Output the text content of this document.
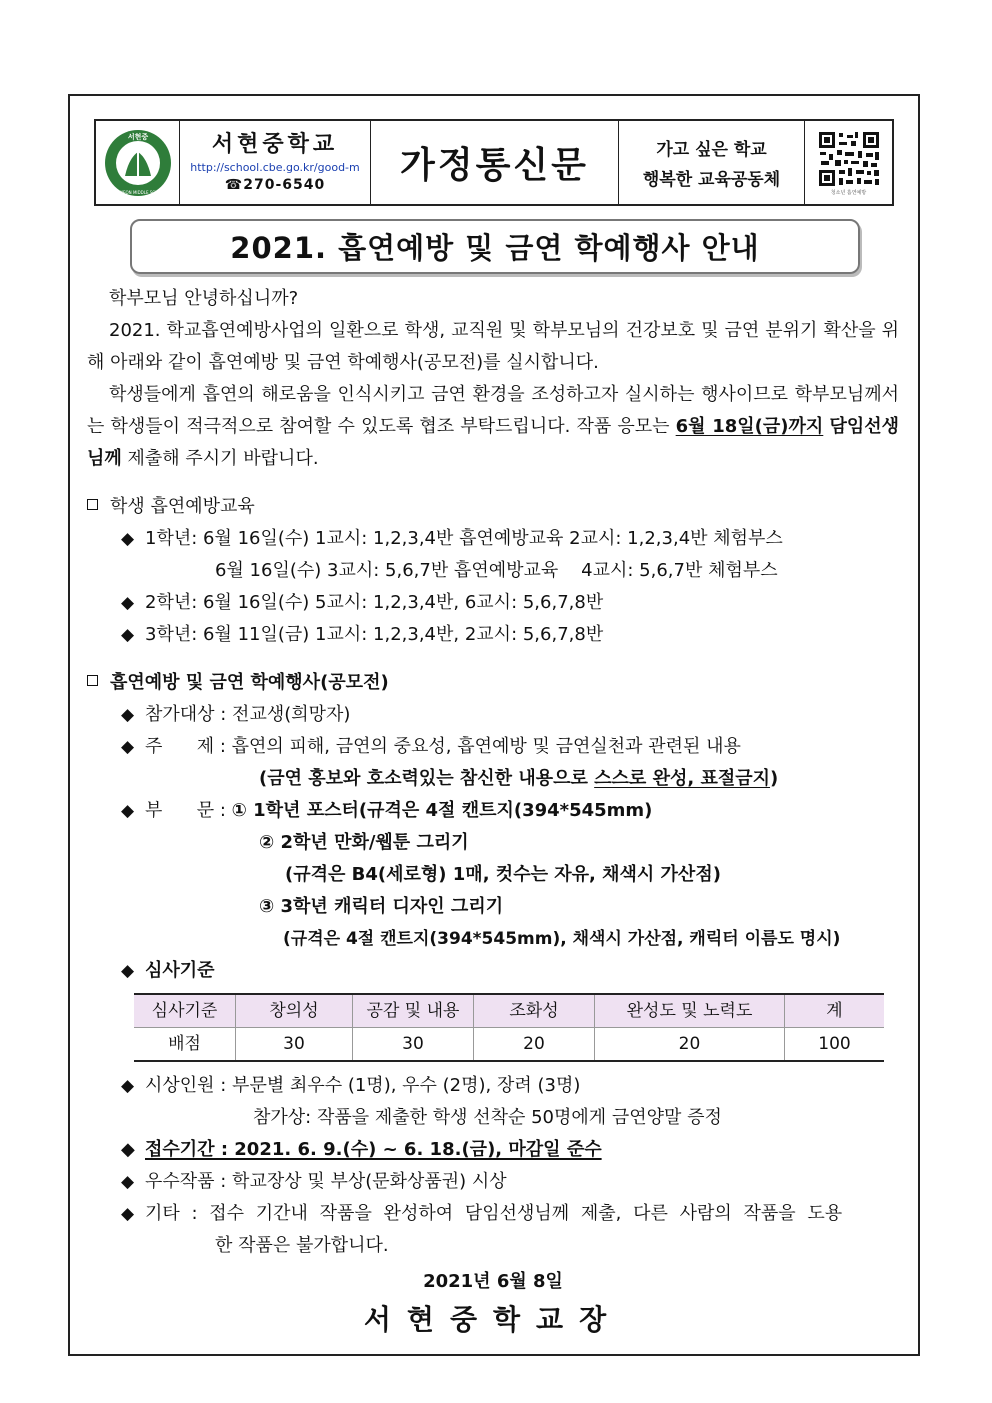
서현중
SEOHYEON MIDDLE SCHOOL
서현중학교
http://school.cbe.go.kr/good-m
☎270-6540	가정통신문	가고 싶은 학교
행복한 교육공동체
청소년 흡연예방
2021. 흡연예방 및 금연 학예행사 안내

학부모님 안녕하십니까?

2021. 학교흡연예방사업의 일환으로 학생, 교직원 및 학부모님의 건강보호 및 금연 분위기 확산을 위해 아래와 같이 흡연예방 및 금연 학예행사(공모전)를 실시합니다.

학생들에게 흡연의 해로움을 인식시키고 금연 환경을 조성하고자 실시하는 행사이므로 학부모님께서는 학생들이 적극적으로 참여할 수 있도록 협조 부탁드립니다. 작품 응모는 6월 18일(금)까지 담임선생님께 제출해 주시기 바랍니다.

학생 흡연예방교육
◆ 1학년: 6월 16일(수) 1교시: 1,2,3,4반 흡연예방교육 2교시: 1,2,3,4반 체험부스
6월 16일(수) 3교시: 5,6,7반 흡연예방교육    4교시: 5,6,7반 체험부스
◆ 2학년: 6월 16일(수) 5교시: 1,2,3,4반, 6교시: 5,6,7,8반
◆ 3학년: 6월 11일(금) 1교시: 1,2,3,4반, 2교시: 5,6,7,8반
흡연예방 및 금연 학예행사(공모전)
◆ 참가대상 : 전교생(희망자)
◆ 주      제 : 흡연의 피해, 금연의 중요성, 흡연예방 및 금연실천과 관련된 내용
(금연 홍보와 호소력있는 참신한 내용으로 스스로 완성, 표절금지)
◆ 부      문 : ① 1학년 포스터(규격은 4절 캔트지(394*545mm)
② 2학년 만화/웹툰 그리기
(규격은 B4(세로형) 1매, 컷수는 자유, 채색시 가산점)
③ 3학년 캐릭터 디자인 그리기
(규격은 4절 캔트지(394*545mm), 채색시 가산점, 캐릭터 이름도 명시)
◆ 심사기준
심사기준	창의성	공감 및 내용	조화성	완성도 및 노력도	계
배점	30	30	20	20	100
◆ 시상인원 : 부문별 최우수 (1명), 우수 (2명), 장려 (3명)
참가상: 작품을 제출한 학생 선착순 50명에게 금연양말 증정
◆ 접수기간 : 2021. 6. 9.(수) ~ 6. 18.(금), 마감일 준수
◆ 우수작품 : 학교장상 및 부상(문화상품권) 시상
◆ 기타 : 접수 기간내 작품을 완성하여 담임선생님께 제출, 다른 사람의 작품을 도용
한 작품은 불가합니다.
2021년 6월 8일
서현중학교장
